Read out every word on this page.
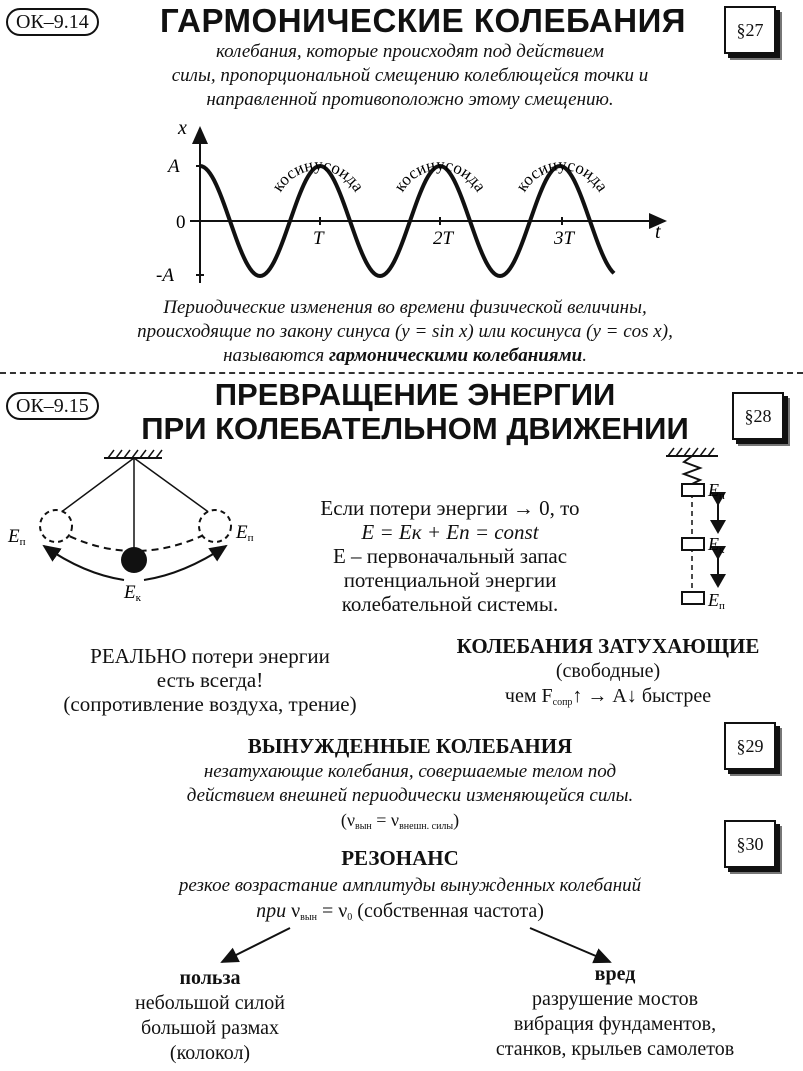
ОК–9.14	ГАРМОНИЧЕСКИЕ КОЛЕБАНИЯ	§27
колебания, которые происходят под действием
силы, пропорциональной смещению колеблющейся точки и
направленной противоположно этому смещению.
x
t
A
0
-A
T	2T	3T
косинусоида косинусоида косинусоида
Периодические изменения во времени физической величины,
происходящие по закону синуса (y = sin x) или косинуса (y = cos x),
называются гармоническими колебаниями.
ОК–9.15	ПРЕВРАЩЕНИЕ ЭНЕРГИИ
ПРИ КОЛЕБАТЕЛЬНОМ ДВИЖЕНИИ	§28
Eп	Eп
Eк
Если потери энергии → 0, то
E = Eк + Eп = const
E – первоначальный запас
потенциальной энергии
колебательной системы.
Eп
Eк
Eп
РЕАЛЬНО потери энергии
есть всегда!
(сопротивление воздуха, трение)
КОЛЕБАНИЯ ЗАТУХАЮЩИЕ
(свободные)
чем $F_{сопр}↑$ → A↓ быстрее
ВЫНУЖДЕННЫЕ КОЛЕБАНИЯ	§29
незатухающие колебания, совершаемые телом под
действием внешней периодически изменяющейся силы.
$(\nu_{вын} = \nu_{внешн. силы})$
РЕЗОНАНС
§30
резкое возрастание амплитуды вынужденных колебаний
при $\nu_{вын} = \nu_0$ (собственная частота)
польза
небольшой силой
большой размах
(колокол)
вред
разрушение мостов
вибрация фундаментов,
станков, крыльев самолетов
